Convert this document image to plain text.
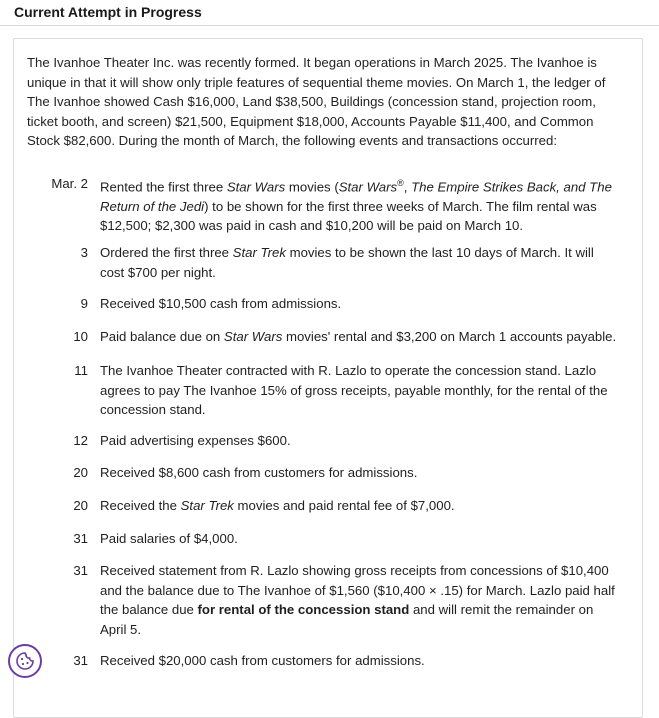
Current Attempt in Progress
The Ivanhoe Theater Inc. was recently formed. It began operations in March 2025. The Ivanhoe is unique in that it will show only triple features of sequential theme movies. On March 1, the ledger of The Ivanhoe showed Cash $16,000, Land $38,500, Buildings (concession stand, projection room, ticket booth, and screen) $21,500, Equipment $18,000, Accounts Payable $11,400, and Common Stock $82,600. During the month of March, the following events and transactions occurred:
Mar. 2 Rented the first three Star Wars movies (Star Wars®, The Empire Strikes Back, and The Return of the Jedi) to be shown for the first three weeks of March. The film rental was $12,500; $2,300 was paid in cash and $10,200 will be paid on March 10.
3 Ordered the first three Star Trek movies to be shown the last 10 days of March. It will cost $700 per night.
9 Received $10,500 cash from admissions.
10 Paid balance due on Star Wars movies' rental and $3,200 on March 1 accounts payable.
11 The Ivanhoe Theater contracted with R. Lazlo to operate the concession stand. Lazlo agrees to pay The Ivanhoe 15% of gross receipts, payable monthly, for the rental of the concession stand.
12 Paid advertising expenses $600.
20 Received $8,600 cash from customers for admissions.
20 Received the Star Trek movies and paid rental fee of $7,000.
31 Paid salaries of $4,000.
31 Received statement from R. Lazlo showing gross receipts from concessions of $10,400 and the balance due to The Ivanhoe of $1,560 ($10,400 × .15) for March. Lazlo paid half the balance due for rental of the concession stand and will remit the remainder on April 5.
31 Received $20,000 cash from customers for admissions.
